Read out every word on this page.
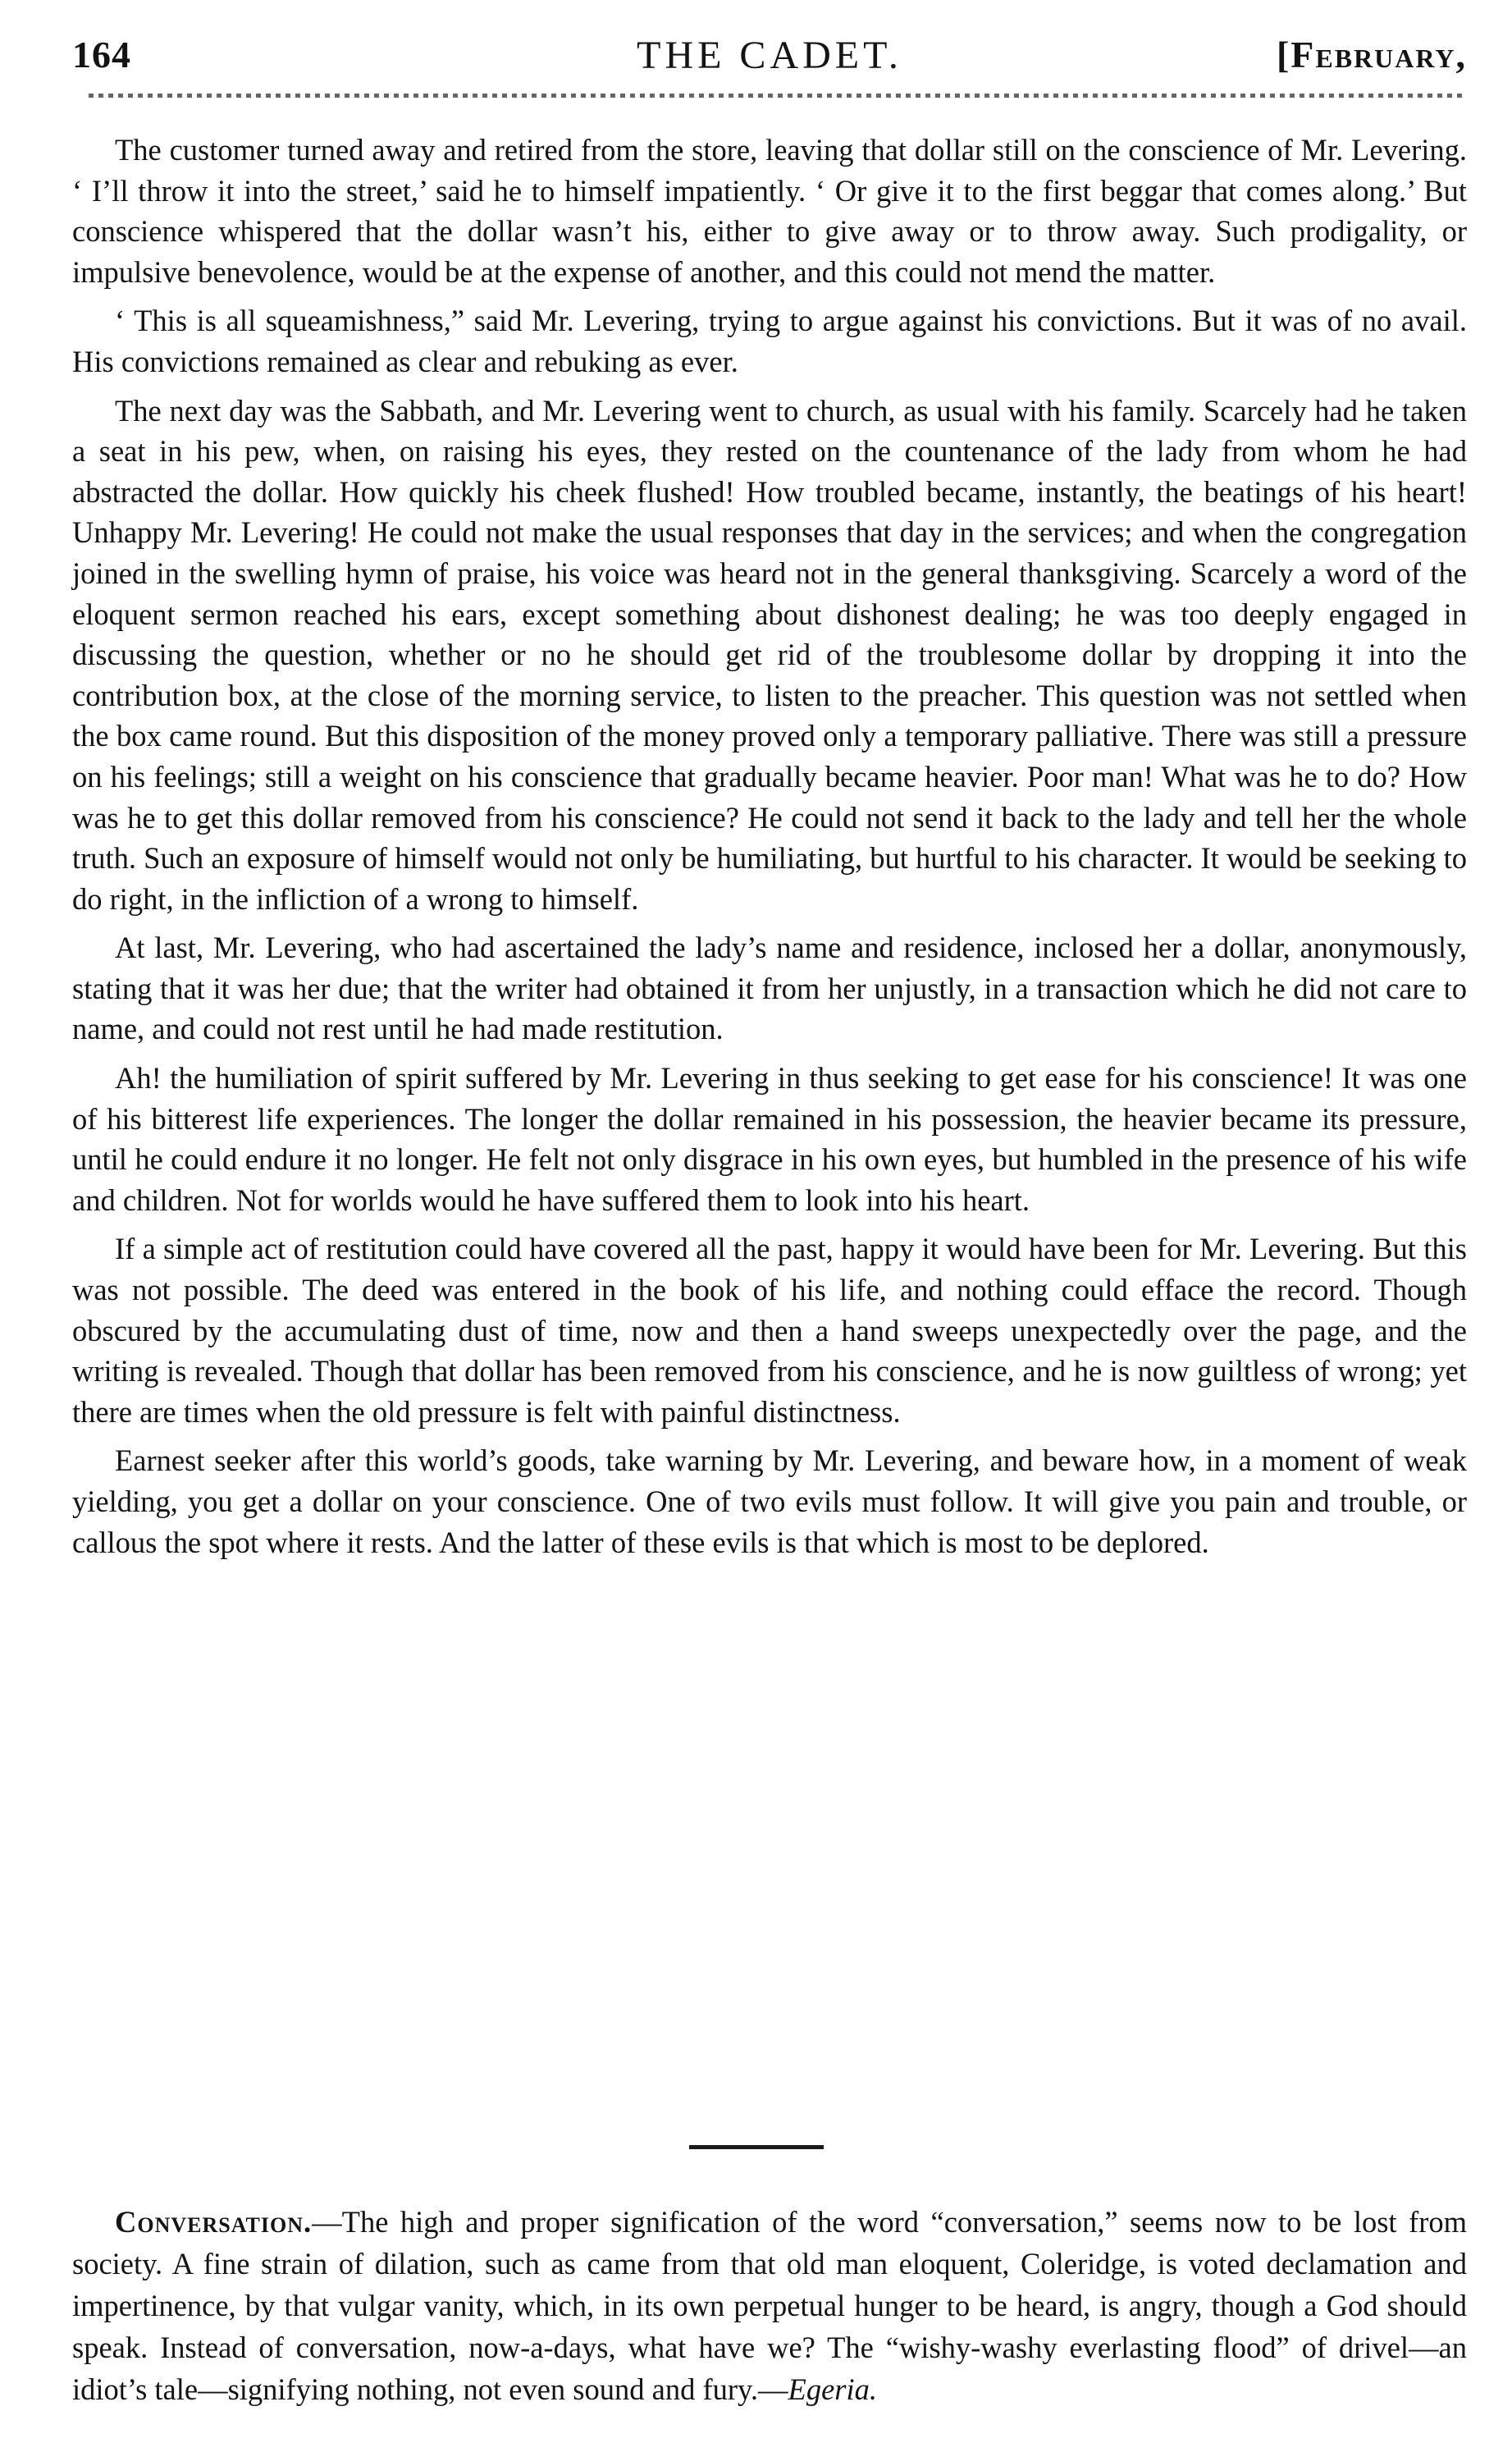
164	THE CADET.	[February,

The customer turned away and retired from the store, leaving that dollar still on the conscience of Mr. Levering. ‘ I’ll throw it into the street,’ said he to himself impatiently. ‘ Or give it to the first beggar that comes along.’ But conscience whispered that the dollar wasn’t his, either to give away or to throw away. Such prodigality, or impulsive benevolence, would be at the expense of another, and this could not mend the matter.

‘ This is all squeamishness,” said Mr. Levering, trying to argue against his convictions. But it was of no avail. His convictions remained as clear and rebuking as ever.

The next day was the Sabbath, and Mr. Levering went to church, as usual with his family. Scarcely had he taken a seat in his pew, when, on raising his eyes, they rested on the countenance of the lady from whom he had abstracted the dollar. How quickly his cheek flushed! How troubled became, instantly, the beatings of his heart! Unhappy Mr. Levering! He could not make the usual responses that day in the services; and when the congregation joined in the swelling hymn of praise, his voice was heard not in the general thanksgiving. Scarcely a word of the eloquent sermon reached his ears, except something about dishonest dealing; he was too deeply engaged in discussing the question, whether or no he should get rid of the troublesome dollar by dropping it into the contribution box, at the close of the morning service, to listen to the preacher. This question was not settled when the box came round. But this disposition of the money proved only a temporary palliative. There was still a pressure on his feelings; still a weight on his conscience that gradually became heavier. Poor man! What was he to do? How was he to get this dollar removed from his conscience? He could not send it back to the lady and tell her the whole truth. Such an exposure of himself would not only be humiliating, but hurtful to his character. It would be seeking to do right, in the infliction of a wrong to himself.

At last, Mr. Levering, who had ascertained the lady’s name and residence, inclosed her a dollar, anonymously, stating that it was her due; that the writer had obtained it from her unjustly, in a transaction which he did not care to name, and could not rest until he had made restitution.

Ah! the humiliation of spirit suffered by Mr. Levering in thus seeking to get ease for his conscience! It was one of his bitterest life experiences. The longer the dollar remained in his possession, the heavier became its pressure, until he could endure it no longer. He felt not only disgrace in his own eyes, but humbled in the presence of his wife and children. Not for worlds would he have suffered them to look into his heart.

If a simple act of restitution could have covered all the past, happy it would have been for Mr. Levering. But this was not possible. The deed was entered in the book of his life, and nothing could efface the record. Though obscured by the accumulating dust of time, now and then a hand sweeps unexpectedly over the page, and the writing is revealed. Though that dollar has been removed from his conscience, and he is now guiltless of wrong; yet there are times when the old pressure is felt with painful distinctness.

Earnest seeker after this world’s goods, take warning by Mr. Levering, and beware how, in a moment of weak yielding, you get a dollar on your conscience. One of two evils must follow. It will give you pain and trouble, or callous the spot where it rests. And the latter of these evils is that which is most to be deplored.

Conversation.—The high and proper signification of the word “conversation,” seems now to be lost from society. A fine strain of dilation, such as came from that old man eloquent, Coleridge, is voted declamation and impertinence, by that vulgar vanity, which, in its own perpetual hunger to be heard, is angry, though a God should speak. Instead of conversation, now-a-days, what have we? The “wishy-washy everlasting flood” of drivel—an idiot’s tale—signifying nothing, not even sound and fury.—Egeria.
